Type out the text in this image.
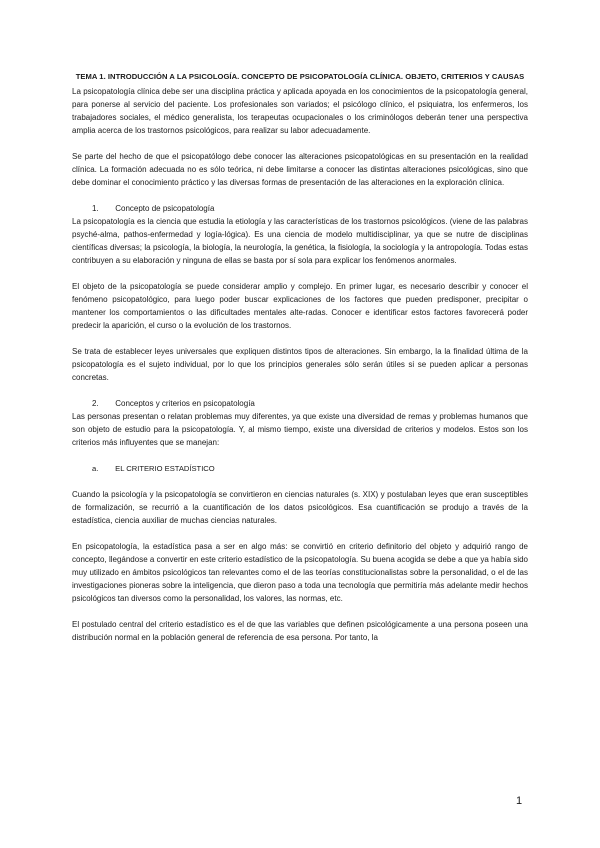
TEMA 1. INTRODUCCIÓN A LA PSICOLOGÍA. CONCEPTO DE PSICOPATOLOGÍA CLÍNICA. OBJETO, CRITERIOS Y CAUSAS

La psicopatología clínica debe ser una disciplina práctica y aplicada apoyada en los conocimientos de la psicopatología general, para ponerse al servicio del paciente. Los profesionales son variados; el psicólogo clínico, el psiquiatra, los enfermeros, los trabajadores sociales, el médico generalista, los terapeutas ocupacionales o los criminólogos deberán tener una perspectiva amplia acerca de los trastornos psicológicos, para realizar su labor adecuadamente.

Se parte del hecho de que el psicopatólogo debe conocer las alteraciones psicopatológicas en su presentación en la realidad clínica. La formación adecuada no es sólo teórica, ni debe limitarse a conocer las distintas alteraciones psicológicas, sino que debe dominar el conocimiento práctico y las diversas formas de presentación de las alteraciones en la exploración clínica.

1. Concepto de psicopatología

La psicopatología es la ciencia que estudia la etiología y las características de los trastornos psicológicos. (viene de las palabras psyché-alma, pathos-enfermedad y logía-lógica). Es una ciencia de modelo multidisciplinar, ya que se nutre de disciplinas científicas diversas; la psicología, la biología, la neurología, la genética, la fisiología, la sociología y la antropología. Todas estas contribuyen a su elaboración y ninguna de ellas se basta por sí sola para explicar los fenómenos anormales.

El objeto de la psicopatología se puede considerar amplio y complejo. En primer lugar, es necesario describir y conocer el fenómeno psicopatológico, para luego poder buscar explicaciones de los factores que pueden predisponer, precipitar o mantener los comportamientos o las dificultades mentales alte-radas. Conocer e identificar estos factores favorecerá poder predecir la aparición, el curso o la evolución de los trastornos.

Se trata de establecer leyes universales que expliquen distintos tipos de alteraciones. Sin embargo, la la finalidad última de la psicopatología es el sujeto individual, por lo que los principios generales sólo serán útiles si se pueden aplicar a personas concretas.

2. Conceptos y criterios en psicopatología

Las personas presentan o relatan problemas muy diferentes, ya que existe una diversidad de remas y problemas humanos que son objeto de estudio para la psicopatología. Y, al mismo tiempo, existe una diversidad de criterios y modelos. Estos son los criterios más influyentes que se manejan:

a. EL CRITERIO ESTADÍSTICO

Cuando la psicología y la psicopatología se convirtieron en ciencias naturales (s. XIX) y postulaban leyes que eran susceptibles de formalización, se recurrió a la cuantificación de los datos psicológicos. Esa cuantificación se produjo a través de la estadística, ciencia auxiliar de muchas ciencias naturales.

En psicopatología, la estadística pasa a ser en algo más: se convirtió en criterio definitorio del objeto y adquirió rango de concepto, llegándose a convertir en este criterio estadístico de la psicopatología. Su buena acogida se debe a que ya había sido muy utilizado en ámbitos psicológicos tan relevantes como el de las teorías constitucionalistas sobre la personalidad, o el de las investigaciones pioneras sobre la inteligencia, que dieron paso a toda una tecnología que permitiría más adelante medir hechos psicológicos tan diversos como la personalidad, los valores, las normas, etc.

El postulado central del criterio estadístico es el de que las variables que definen psicológicamente a una persona poseen una distribución normal en la población general de referencia de esa persona. Por tanto, la

1
